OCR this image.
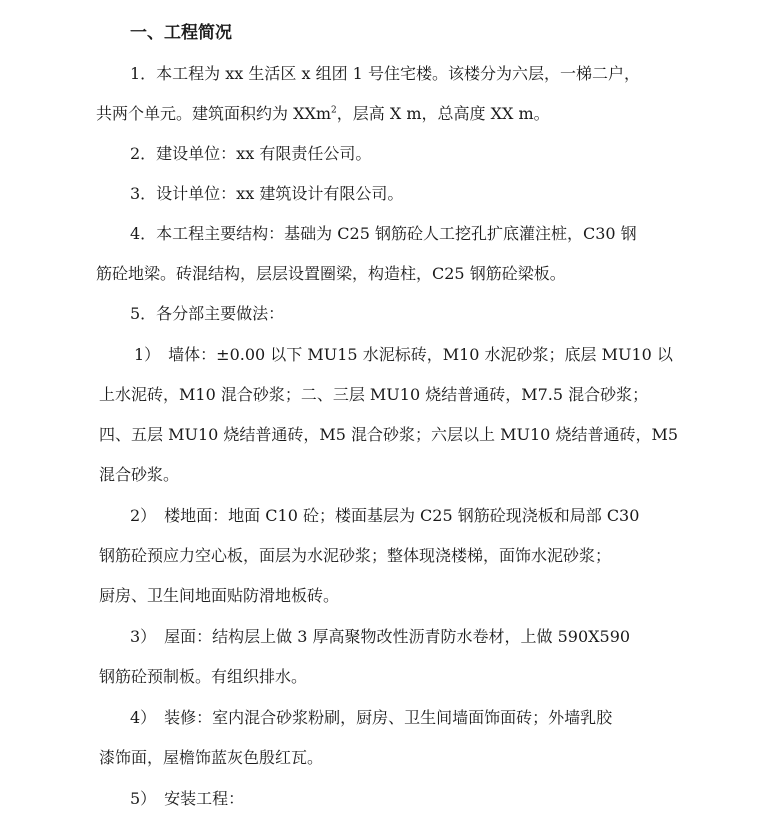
一、工程简况
1．本工程为 xx 生活区 x 组团 1 号住宅楼。该楼分为六层，一梯二户，
共两个单元。建筑面积约为 XXm$^2$，层高 X m，总高度 XX m。
2．建设单位：xx 有限责任公司。
3．设计单位：xx 建筑设计有限公司。
4．本工程主要结构：基础为 C25 钢筋砼人工挖孔扩底灌注桩，C30 钢
筋砼地梁。砖混结构，层层设置圈梁，构造柱，C25 钢筋砼梁板。
5．各分部主要做法：
1）　墙体：±0.00 以下 MU15 水泥标砖，M10 水泥砂浆；底层 MU10 以
上水泥砖，M10 混合砂浆；二、三层 MU10 烧结普通砖，M7.5 混合砂浆；
四、五层 MU10 烧结普通砖，M5 混合砂浆；六层以上 MU10 烧结普通砖，M5
混合砂浆。
2）　楼地面：地面 C10 砼；楼面基层为 C25 钢筋砼现浇板和局部 C30
钢筋砼预应力空心板，面层为水泥砂浆；整体现浇楼梯，面饰水泥砂浆；
厨房、卫生间地面贴防滑地板砖。
3）　屋面：结构层上做 3 厚高聚物改性沥青防水卷材，上做 590X590
钢筋砼预制板。有组织排水。
4）　装修：室内混合砂浆粉刷，厨房、卫生间墙面饰面砖；外墙乳胶
漆饰面，屋檐饰蓝灰色殷红瓦。
5）　安装工程：
